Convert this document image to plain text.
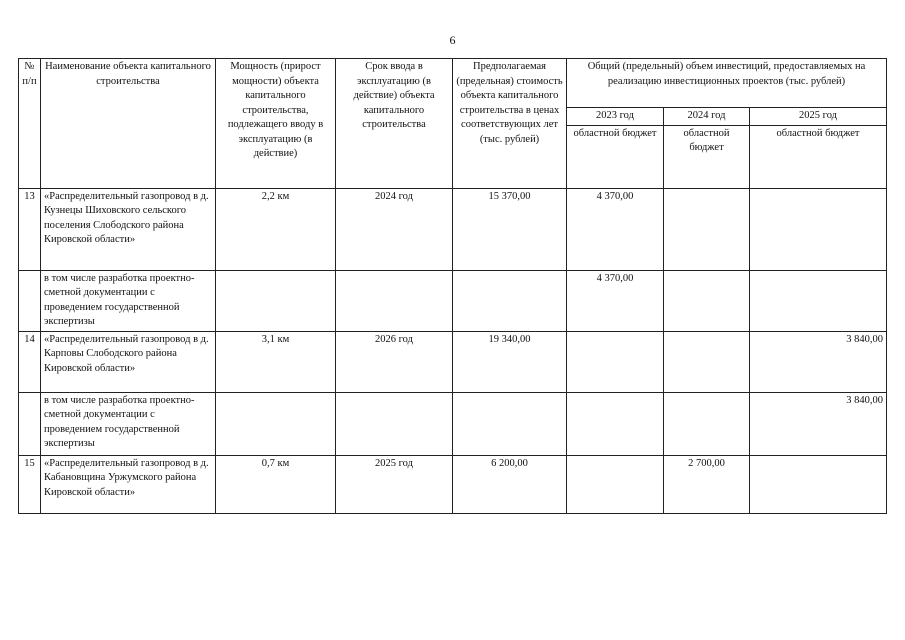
6
№ п/п	Наименование объекта капитального строительства	Мощность (прирост мощности) объекта капитального строительства, подлежащего вводу в эксплуатацию (в действие)	Срок ввода в эксплуатацию (в действие) объекта капитального строительства	Предполагаемая (предельная) стоимость объекта капитального строительства в ценах соответствующих лет (тыс. рублей)	Общий (предельный) объем инвестиций, предоставляемых на реализацию инвестиционных проектов (тыс. рублей)		
					2023 год	2024 год	2025 год
					областной бюджет	областной бюджет	областной бюджет
13	«Распределительный газопровод в д. Кузнецы Шиховского сельского поселения Слободского района Кировской области»	2,2 км	2024 год	15 370,00	4 370,00		
	в том числе разработка проектно-сметной документации с проведением государственной экспертизы				4 370,00		
14	«Распределительный газопровод в д. Карповы Слободского района Кировской области»	3,1 км	2026 год	19 340,00			3 840,00
	в том числе разработка проектно-сметной документации с проведением государственной экспертизы						3 840,00
15	«Распределительный газопровод в д. Кабановщина Уржумского района Кировской области»	0,7 км	2025 год	6 200,00		2 700,00	
